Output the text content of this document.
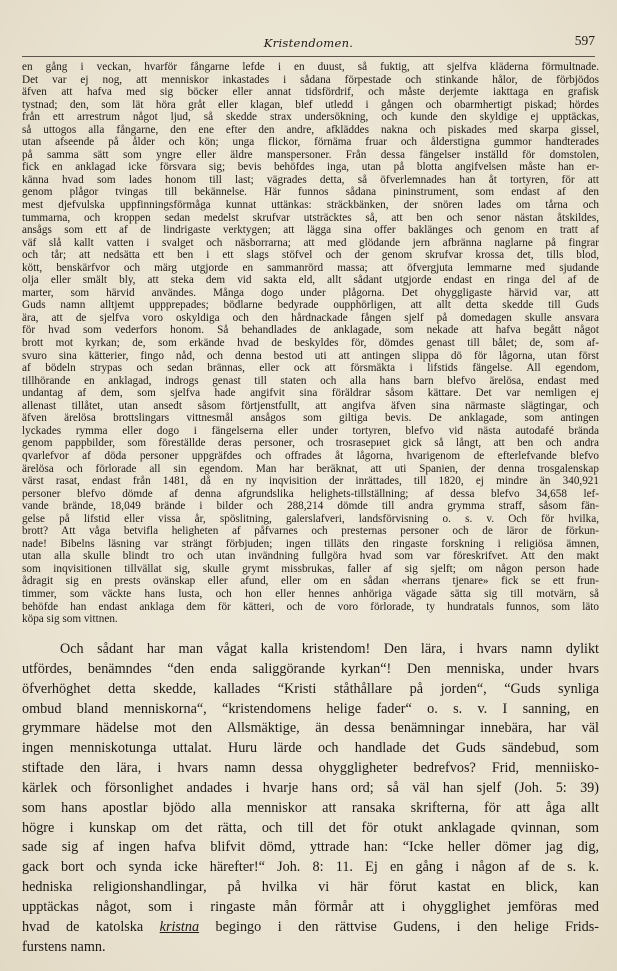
Kristendomen.	597
en gång i veckan, hvarför fångarne lefde i en duust, så fuktig, att sjelfva kläderna förmultnade.
Det var ej nog, att menniskor inkastades i sådana förpestade och stinkande hålor, de förbjödos
äfven att hafva med sig böcker eller annat tidsfördrif, och måste derjemte iakttaga en grafisk
tystnad; den, som lät höra gråt eller klagan, blef utledd i gången och obarmhertigt piskad; hördes
från ett arrestrum något ljud, så skedde strax undersökning, och kunde den skyldige ej upptäckas,
så uttogos alla fångarne, den ene efter den andre, afkläddes nakna och piskades med skarpa gissel,
utan afseende på ålder och kön; unga flickor, förnäma fruar och ålderstigna gummor handterades
på samma sätt som yngre eller äldre manspersoner. Från dessa fängelser inställd för domstolen,
fick en anklagad icke försvara sig; bevis behöfdes inga, utan på blotta angifvelsen måste han er-
känna hvad som lades honom till last; vägrades detta, så öfverlemnades han åt tortyren, för att
genom plågor tvingas till bekännelse. Här funnos sådana pininstrument, som endast af den
mest djefvulska uppfinningsförmåga kunnat uttänkas: sträckbänken, der snören lades om tårna och
tummarna, och kroppen sedan medelst skrufvar utsträcktes så, att ben och senor nästan åtskildes,
ansågs som ett af de lindrigaste verktygen; att lägga sina offer baklänges och genom en tratt af
väf slå kallt vatten i svalget och näsborrarna; att med glödande jern afbränna naglarne på fingrar
och tår; att nedsätta ett ben i ett slags stöfvel och der genom skrufvar krossa det, tills blod,
kött, benskärfvor och märg utgjorde en sammanrörd massa; att öfvergjuta lemmarne med sjudande
olja eller smält bly, att steka dem vid sakta eld, allt sådant utgjorde endast en ringa del af de
marter, som härvid användes. Många dogo under plågorna. Det ohyggligaste härvid var, att
Guds namn alltjemt uppprepades; bödlarne bedyrade oupphörligen, att allt detta skedde till Guds
ära, att de sjelfva voro oskyldiga och den hårdnackade fången sjelf på domedagen skulle ansvara
för hvad som vederfors honom. Så behandlades de anklagade, som nekade att hafva begått något
brott mot kyrkan; de, som erkände hvad de beskyldes för, dömdes genast till bålet; de, som af-
svuro sina kätterier, fingo nåd, och denna bestod uti att antingen slippa dö för lågorna, utan först
af bödeln strypas och sedan brännas, eller ock att försmäkta i lifstids fängelse. All egendom,
tillhörande en anklagad, indrogs genast till staten och alla hans barn blefvo ärelösa, endast med
undantag af dem, som sjelfva hade angifvit sina föräldrar såsom kättare. Det var nemligen ej
allenast tillåtet, utan ansedt såsom förtjenstfullt, att angifva äfven sina närmaste slägtingar, och
äfven ärelösa brottslingars vittnesmål ansågos som giltiga bevis. De anklagade, som antingen
lyckades rymma eller dogo i fängelserna eller under tortyren, blefvo vid nästa autodafé brända
genom pappbilder, som föreställde deras personer, och trosrasериet gick så långt, att ben och andra
qvarlefvor af döda personer uppgräfdes och offrades åt lågorna, hvarigenom de efterlefvande blefvo
ärelösa och förlorade all sin egendom. Man har beräknat, att uti Spanien, der denna trosgalenskap
värst rasat, endast från 1481, då en ny inqvisition der inrättades, till 1820, ej mindre än 340,921
personer blefvo dömde af denna afgrundslika helighets-tillställning; af dessa blefvo 34,658 lef-
vande brände, 18,049 brände i bilder och 288,214 dömde till andra grymma straff, såsom fän-
gelse på lifstid eller vissa år, spöslitning, galerslafveri, landsförvisning o. s. v. Och för hvilka,
brott? Att våga betvifla heligheten af påfvarnes och presternas personer och de läror de förkun-
nade! Bibelns läsning var strängt förbjuden; ingen tilläts den ringaste forskning i religiösa ämnen,
utan alla skulle blindt tro och utan invändning fullgöra hvad som var föreskrifvet. Att den makt
som inqvisitionen tillvällat sig, skulle grymt missbrukas, faller af sig sjelft; om någon person hade
ådragit sig en prests ovänskap eller afund, eller om en sådan «herrans tjenare» fick se ett frun-
timmer, som väckte hans lusta, och hon eller hennes anhöriga vägade sätta sig till motvärn, så
behöfde han endast anklaga dem för kätteri, och de voro förlorade, ty hundratals funnos, som läto
köpa sig som vittnen.
Och sådant har man vågat kalla kristendom! Den lära, i hvars namn dylikt
utfördes, benämndes “den enda saliggörande kyrkan“! Den menniska, under hvars
öfverhöghet detta skedde, kallades “Kristi ståthållare på jorden“, “Guds synliga
ombud bland menniskorna“, “kristendomens helige fader“ o. s. v. I sanning, en
grymmare hädelse mot den Allsmäktige, än dessa benämningar innebära, har väl
ingen menniskotunga uttalat. Huru lärde och handlade det Guds sändebud, som
stiftade den lära, i hvars namn dessa ohyggligheter bedrefvos? Frid, menniisko-
kärlek och försonlighet andades i hvarje hans ord; så väl han sjelf (Joh. 5: 39)
som hans apostlar bjödo alla menniskor att ransaka skrifterna, för att åga allt
högre i kunskap om det rätta, och till det för otukt anklagade qvinnan, som
sade sig af ingen hafva blifvit dömd, yttrade han: “Icke heller dömer jag dig,
gack bort och synda icke härefter!“ Joh. 8: 11. Ej en gång i någon af de s. k.
hedniska religionshandlingar, på hvilka vi här förut kastat en blick, kan
upptäckas något, som i ringaste mån förmår att i ohygglighet jemföras med
hvad de katolska kristna begingo i den rättvise Gudens, i den helige Frids-
furstens namn.
